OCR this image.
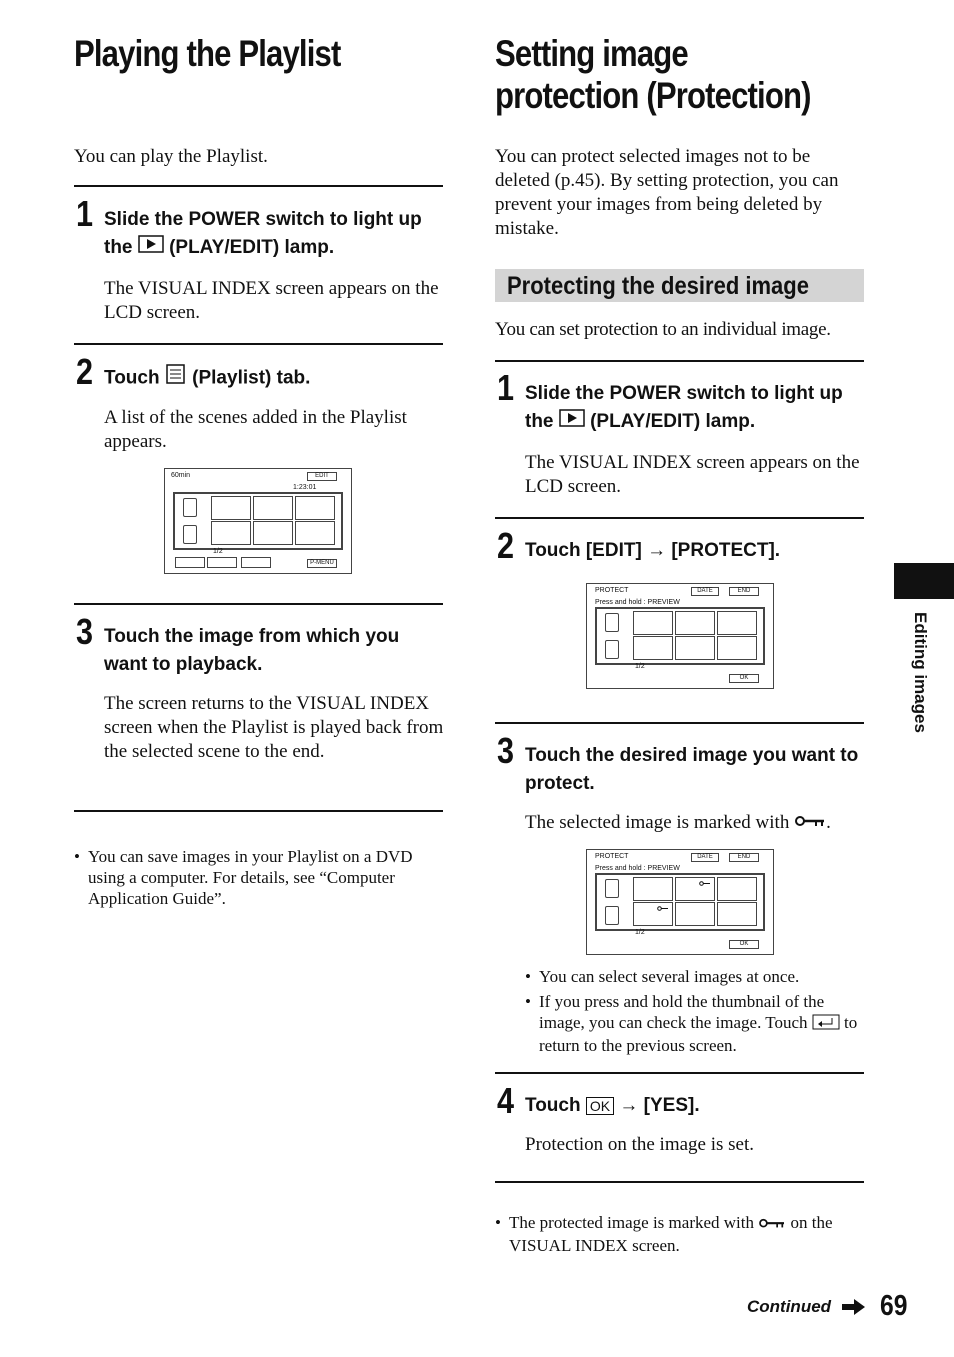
Playing the Playlist
You can play the Playlist.
1 Slide the POWER switch to light up
the (PLAY/EDIT) lamp.
The VISUAL INDEX screen appears on the LCD screen.
2 Touch (Playlist) tab.
A list of the scenes added in the Playlist appears.
60min	EDIT
1:23:01
1/2
P-MENU
3 Touch the image from which you want to playback.
The screen returns to the VISUAL INDEX screen when the Playlist is played back from the selected scene to the end.
• You can save images in your Playlist on a DVD using a computer. For details, see “Computer Application Guide”.
Setting image
protection (Protection)
You can protect selected images not to be deleted (p.45). By setting protection, you can prevent your images from being deleted by mistake.
Protecting the desired image
You can set protection to an individual image.
1 Slide the POWER switch to light up
the (PLAY/EDIT) lamp.
The VISUAL INDEX screen appears on the LCD screen.
2 Touch [EDIT] → [PROTECT].
PROTECT	DATE	END
Press and hold : PREVIEW
1/2
OK
3 Touch the desired image you want to protect.
The selected image is marked with .
PROTECT	DATE	END
Press and hold : PREVIEW
1/2
OK
• You can select several images at once.
• If you press and hold the thumbnail of the image, you can check the image. Touch to return to the previous screen.
4 Touch OK → [YES].
Protection on the image is set.
• The protected image is marked with on the VISUAL INDEX screen.
Editing images
Continued 69
